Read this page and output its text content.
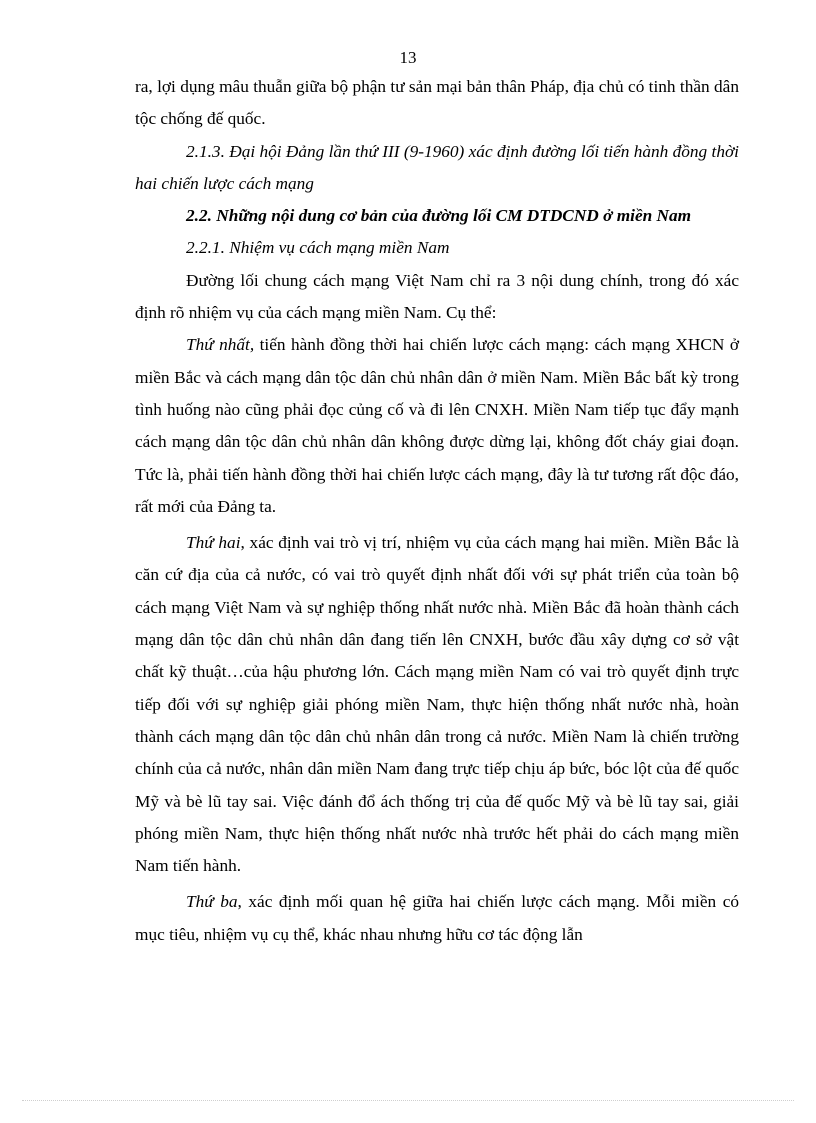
13

ra, lợi dụng mâu thuẫn giữa bộ phận tư sản mại bản thân Pháp, địa chủ có tinh thần dân tộc chống đế quốc.

2.1.3. Đại hội Đảng lần thứ III (9-1960) xác định đường lối tiến hành đồng thời hai chiến lược cách mạng

2.2. Những nội dung cơ bản của đường lối CM DTDCND ở miền Nam

2.2.1. Nhiệm vụ cách mạng miền Nam

Đường lối chung cách mạng Việt Nam chỉ ra 3 nội dung chính, trong đó xác định rõ nhiệm vụ của cách mạng miền Nam. Cụ thể:

Thứ nhất, tiến hành đồng thời hai chiến lược cách mạng: cách mạng XHCN ở miền Bắc và cách mạng dân tộc dân chủ nhân dân ở miền Nam. Miền Bắc bất kỳ trong tình huống nào cũng phải đọc củng cố và đi lên CNXH. Miền Nam tiếp tục đẩy mạnh cách mạng dân tộc dân chủ nhân dân không được dừng lại, không đốt cháy giai đoạn. Tức là, phải tiến hành đồng thời hai chiến lược cách mạng, đây là tư tương rất độc đáo, rất mới của Đảng ta.

Thứ hai, xác định vai trò vị trí, nhiệm vụ của cách mạng hai miền. Miền Bắc là căn cứ địa của cả nước, có vai trò quyết định nhất đối với sự phát triển của toàn bộ cách mạng Việt Nam và sự nghiệp thống nhất nước nhà. Miền Bắc đã hoàn thành cách mạng dân tộc dân chủ nhân dân đang tiến lên CNXH, bước đầu xây dựng cơ sở vật chất kỹ thuật…của hậu phương lớn. Cách mạng miền Nam có vai trò quyết định trực tiếp đối với sự nghiệp giải phóng miền Nam, thực hiện thống nhất nước nhà, hoàn thành cách mạng dân tộc dân chủ nhân dân trong cả nước. Miền Nam là chiến trường chính của cả nước, nhân dân miền Nam đang trực tiếp chịu áp bức, bóc lột của đế quốc Mỹ và bè lũ tay sai. Việc đánh đổ ách thống trị của đế quốc Mỹ và bè lũ tay sai, giải phóng miền Nam, thực hiện thống nhất nước nhà trước hết phải do cách mạng miền Nam tiến hành.

Thứ ba, xác định mối quan hệ giữa hai chiến lược cách mạng. Mỗi miền có mục tiêu, nhiệm vụ cụ thể, khác nhau nhưng hữu cơ tác động lẫn
